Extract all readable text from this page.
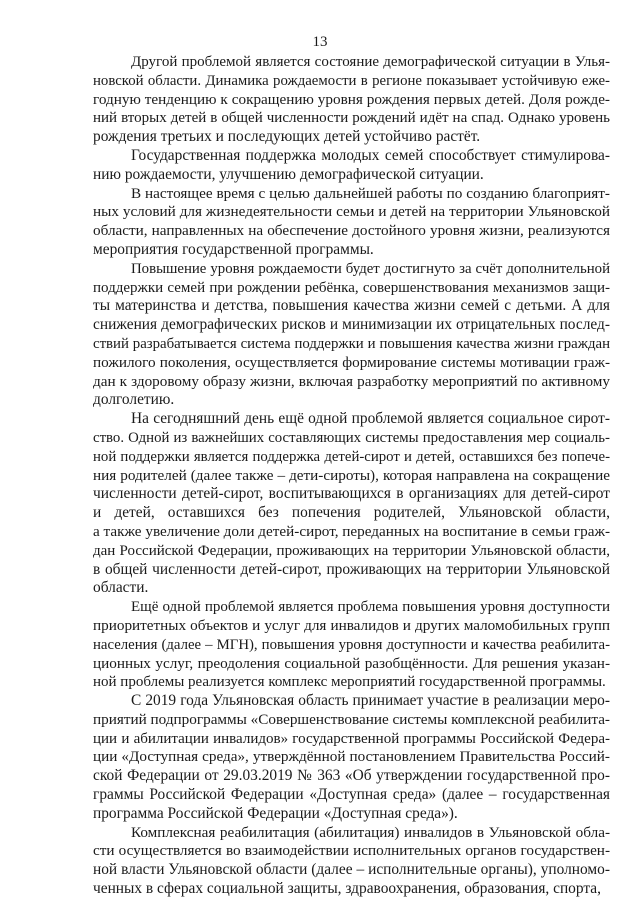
13
Другой проблемой является состояние демографической ситуации в Улья-
новской области. Динамика рождаемости в регионе показывает устойчивую еже-
годную тенденцию к сокращению уровня рождения первых детей. Доля рожде-
ний вторых детей в общей численности рождений идёт на спад. Однако уровень
рождения третьих и последующих детей устойчиво растёт.
Государственная поддержка молодых семей способствует стимулирова-
нию рождаемости, улучшению демографической ситуации.
В настоящее время с целью дальнейшей работы по созданию благоприят-
ных условий для жизнедеятельности семьи и детей на территории Ульяновской
области, направленных на обеспечение достойного уровня жизни, реализуются
мероприятия государственной программы.
Повышение уровня рождаемости будет достигнуто за счёт дополнительной
поддержки семей при рождении ребёнка, совершенствования механизмов защи-
ты материнства и детства, повышения качества жизни семей с детьми. А для
снижения демографических рисков и минимизации их отрицательных послед-
ствий разрабатывается система поддержки и повышения качества жизни граждан
пожилого поколения, осуществляется формирование системы мотивации граж-
дан к здоровому образу жизни, включая разработку мероприятий по активному
долголетию.
На сегодняшний день ещё одной проблемой является социальное сирот-
ство. Одной из важнейших составляющих системы предоставления мер социаль-
ной поддержки является поддержка детей-сирот и детей, оставшихся без попече-
ния родителей (далее также – дети-сироты), которая направлена на сокращение
численности детей-сирот, воспитывающихся в организациях для детей-сирот
и детей, оставшихся без попечения родителей, Ульяновской области,
а также увеличение доли детей-сирот, переданных на воспитание в семьи граж-
дан Российской Федерации, проживающих на территории Ульяновской области,
в общей численности детей-сирот, проживающих на территории Ульяновской
области.
Ещё одной проблемой является проблема повышения уровня доступности
приоритетных объектов и услуг для инвалидов и других маломобильных групп
населения (далее – МГН), повышения уровня доступности и качества реабилита-
ционных услуг, преодоления социальной разобщённости. Для решения указан-
ной проблемы реализуется комплекс мероприятий государственной программы.
С 2019 года Ульяновская область принимает участие в реализации меро-
приятий подпрограммы «Совершенствование системы комплексной реабилита-
ции и абилитации инвалидов» государственной программы Российской Федера-
ции «Доступная среда», утверждённой постановлением Правительства Россий-
ской Федерации от 29.03.2019 № 363 «Об утверждении государственной про-
граммы Российской Федерации «Доступная среда» (далее – государственная
программа Российской Федерации «Доступная среда»).
Комплексная реабилитация (абилитация) инвалидов в Ульяновской обла-
сти осуществляется во взаимодействии исполнительных органов государствен-
ной власти Ульяновской области (далее – исполнительные органы), уполномо-
ченных в сферах социальной защиты, здравоохранения, образования, спорта,
